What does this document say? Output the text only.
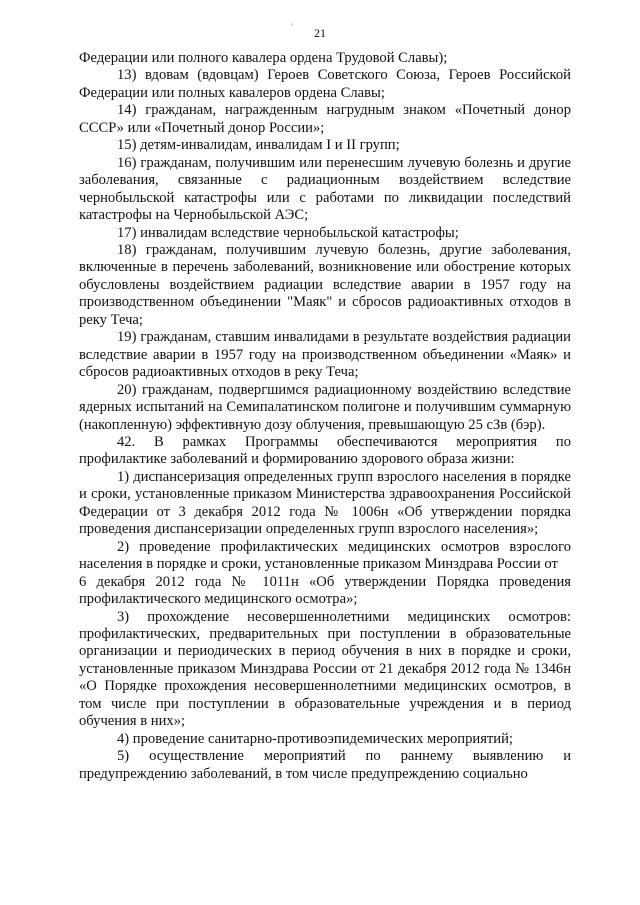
'	21

Федерации или полного кавалера ордена Трудовой Славы);

13) вдовам (вдовцам) Героев Советского Союза, Героев Российской Федерации или полных кавалеров ордена Славы;

14) гражданам, награжденным нагрудным знаком «Почетный донор СССР» или «Почетный донор России»;

15) детям-инвалидам, инвалидам I и II групп;

16) гражданам, получившим или перенесшим лучевую болезнь и другие заболевания, связанные с радиационным воздействием вследствие чернобыльской катастрофы или с работами по ликвидации последствий катастрофы на Чернобыльской АЭС;

17) инвалидам вследствие чернобыльской катастрофы;

18) гражданам, получившим лучевую болезнь, другие заболевания, включенные в перечень заболеваний, возникновение или обострение которых обусловлены воздействием радиации вследствие аварии в 1957 году на производственном объединении "Маяк" и сбросов радиоактивных отходов в реку Теча;

19) гражданам, ставшим инвалидами в результате воздействия радиации вследствие аварии в 1957 году на производственном объединении «Маяк» и сбросов радиоактивных отходов в реку Теча;

20) гражданам, подвергшимся радиационному воздействию вследствие ядерных испытаний на Семипалатинском полигоне и получившим суммарную (накопленную) эффективную дозу облучения, превышающую 25 сЗв (бэр).

42. В рамках Программы обеспечиваются мероприятия по профилактике заболеваний и формированию здорового образа жизни:

1) диспансеризация определенных групп взрослого населения в порядке и сроки, установленные приказом Министерства здравоохранения Российской Федерации от 3 декабря 2012 года № 1006н «Об утверждении порядка проведения диспансеризации определенных групп взрослого населения»;

2) проведение профилактических медицинских осмотров взрослого населения в порядке и сроки, установленные приказом Минздрава России от

6 декабря 2012 года № 1011н «Об утверждении Порядка проведения профилактического медицинского осмотра»;

3) прохождение несовершеннолетними медицинских осмотров: профилактических, предварительных при поступлении в образовательные организации и периодических в период обучения в них в порядке и сроки, установленные приказом Минздрава России от 21 декабря 2012 года № 1346н «О Порядке прохождения несовершеннолетними медицинских осмотров, в том числе при поступлении в образовательные учреждения и в период обучения в них»;

4) проведение санитарно-противоэпидемических мероприятий;

5) осуществление мероприятий по раннему выявлению и предупреждению заболеваний, в том числе предупреждению социально
